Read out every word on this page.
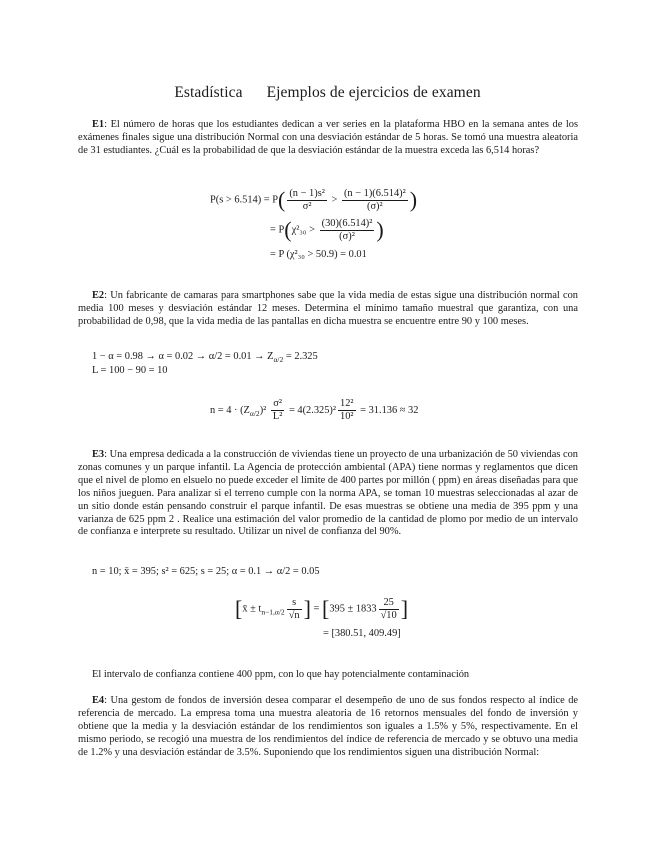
Estadística Ejemplos de ejercicios de examen
E1: El número de horas que los estudiantes dedican a ver series en la plataforma HBO en la semana antes de los exámenes finales sigue una distribución Normal con una desviación estándar de 5 horas. Se tomó una muestra aleatoria de 31 estudiantes. ¿Cuál es la probabilidad de que la desviación estándar de la muestra exceda las 6,514 horas?
$P(s > 6.514) = P( \frac{\text{(n − 1)s²}}{\text{σ²}} > \frac{\text{(n − 1)(6.514)²}}{\text{(σ)²}}$ )
= $P(\chi^2_{30} > \frac{\text{(30)(6.514)²}}{\text{(σ)²}}$ )
= P (χ²₃₀ > 50.9) = 0.01
E2: Un fabricante de camaras para smartphones sabe que la vida media de estas sigue una distribución normal con media 100 meses y desviación estándar 12 meses. Determina el mínimo tamaño muestral que garantiza, con una probabilidad de 0,98, que la vida media de las pantallas en dicha muestra se encuentre entre 90 y 100 meses.
$1 - \alpha = 0.98 \to \alpha = 0.02 \to \alpha/2 = 0.01 \to Z_{\alpha/2} = 2.325$
L = 100 − 90 = 10
$n = 4 \cdot (Z_{\alpha/2})^2 \frac{\text{σ²}}{\text{L²}} = 4(2.325)^2 \frac{\text{12²}}{\text{10²}} = 31.136 \approx 32$
E3: Una empresa dedicada a la construcción de viviendas tiene un proyecto de una urbanización de 50 viviendas con zonas comunes y un parque infantil. La Agencia de protección ambiental (APA) tiene normas y reglamentos que dicen que el nivel de plomo en elsuelo no puede exceder el límite de 400 partes por millón ( ppm) en áreas diseñadas para que los niños jueguen. Para analizar si el terreno cumple con la norma APA, se toman 10 muestras seleccionadas al azar de un sitio donde están pensando construir el parque infantil. De esas muestras se obtiene una media de 395 ppm y una varianza de 625 ppm 2 . Realice una estimación del valor promedio de la cantidad de plomo por medio de un intervalo de confianza e interprete su resultado. Utilizar un nivel de confianza del 90%.
n = 10; x̄ = 395; s² = 625; s = 25; α = 0.1 → α/2 = 0.05
[x̄ ± $t_{n-1,\alpha/2} \frac{s}{√n}$ ] = [$395 \pm 1833 \frac{25}{√10}$ ]
= [380.51, 409.49]
El intervalo de confianza contiene 400 ppm, con lo que hay potencialmente contaminación
E4: Una gestom de fondos de inversión desea comparar el desempeño de uno de sus fondos respecto al índice de referencia de mercado. La empresa toma una muestra aleatoria de 16 retornos mensuales del fondo de inversión y obtiene que la media y la desviación estándar de los rendimientos son iguales a 1.5% y 5%, respectivamente. En el mismo periodo, se recogió una muestra de los rendimientos del índice de referencia de mercado y se obtuvo una media de 1.2% y una desviación estándar de 3.5%. Suponiendo que los rendimientos siguen una distribución Normal:
